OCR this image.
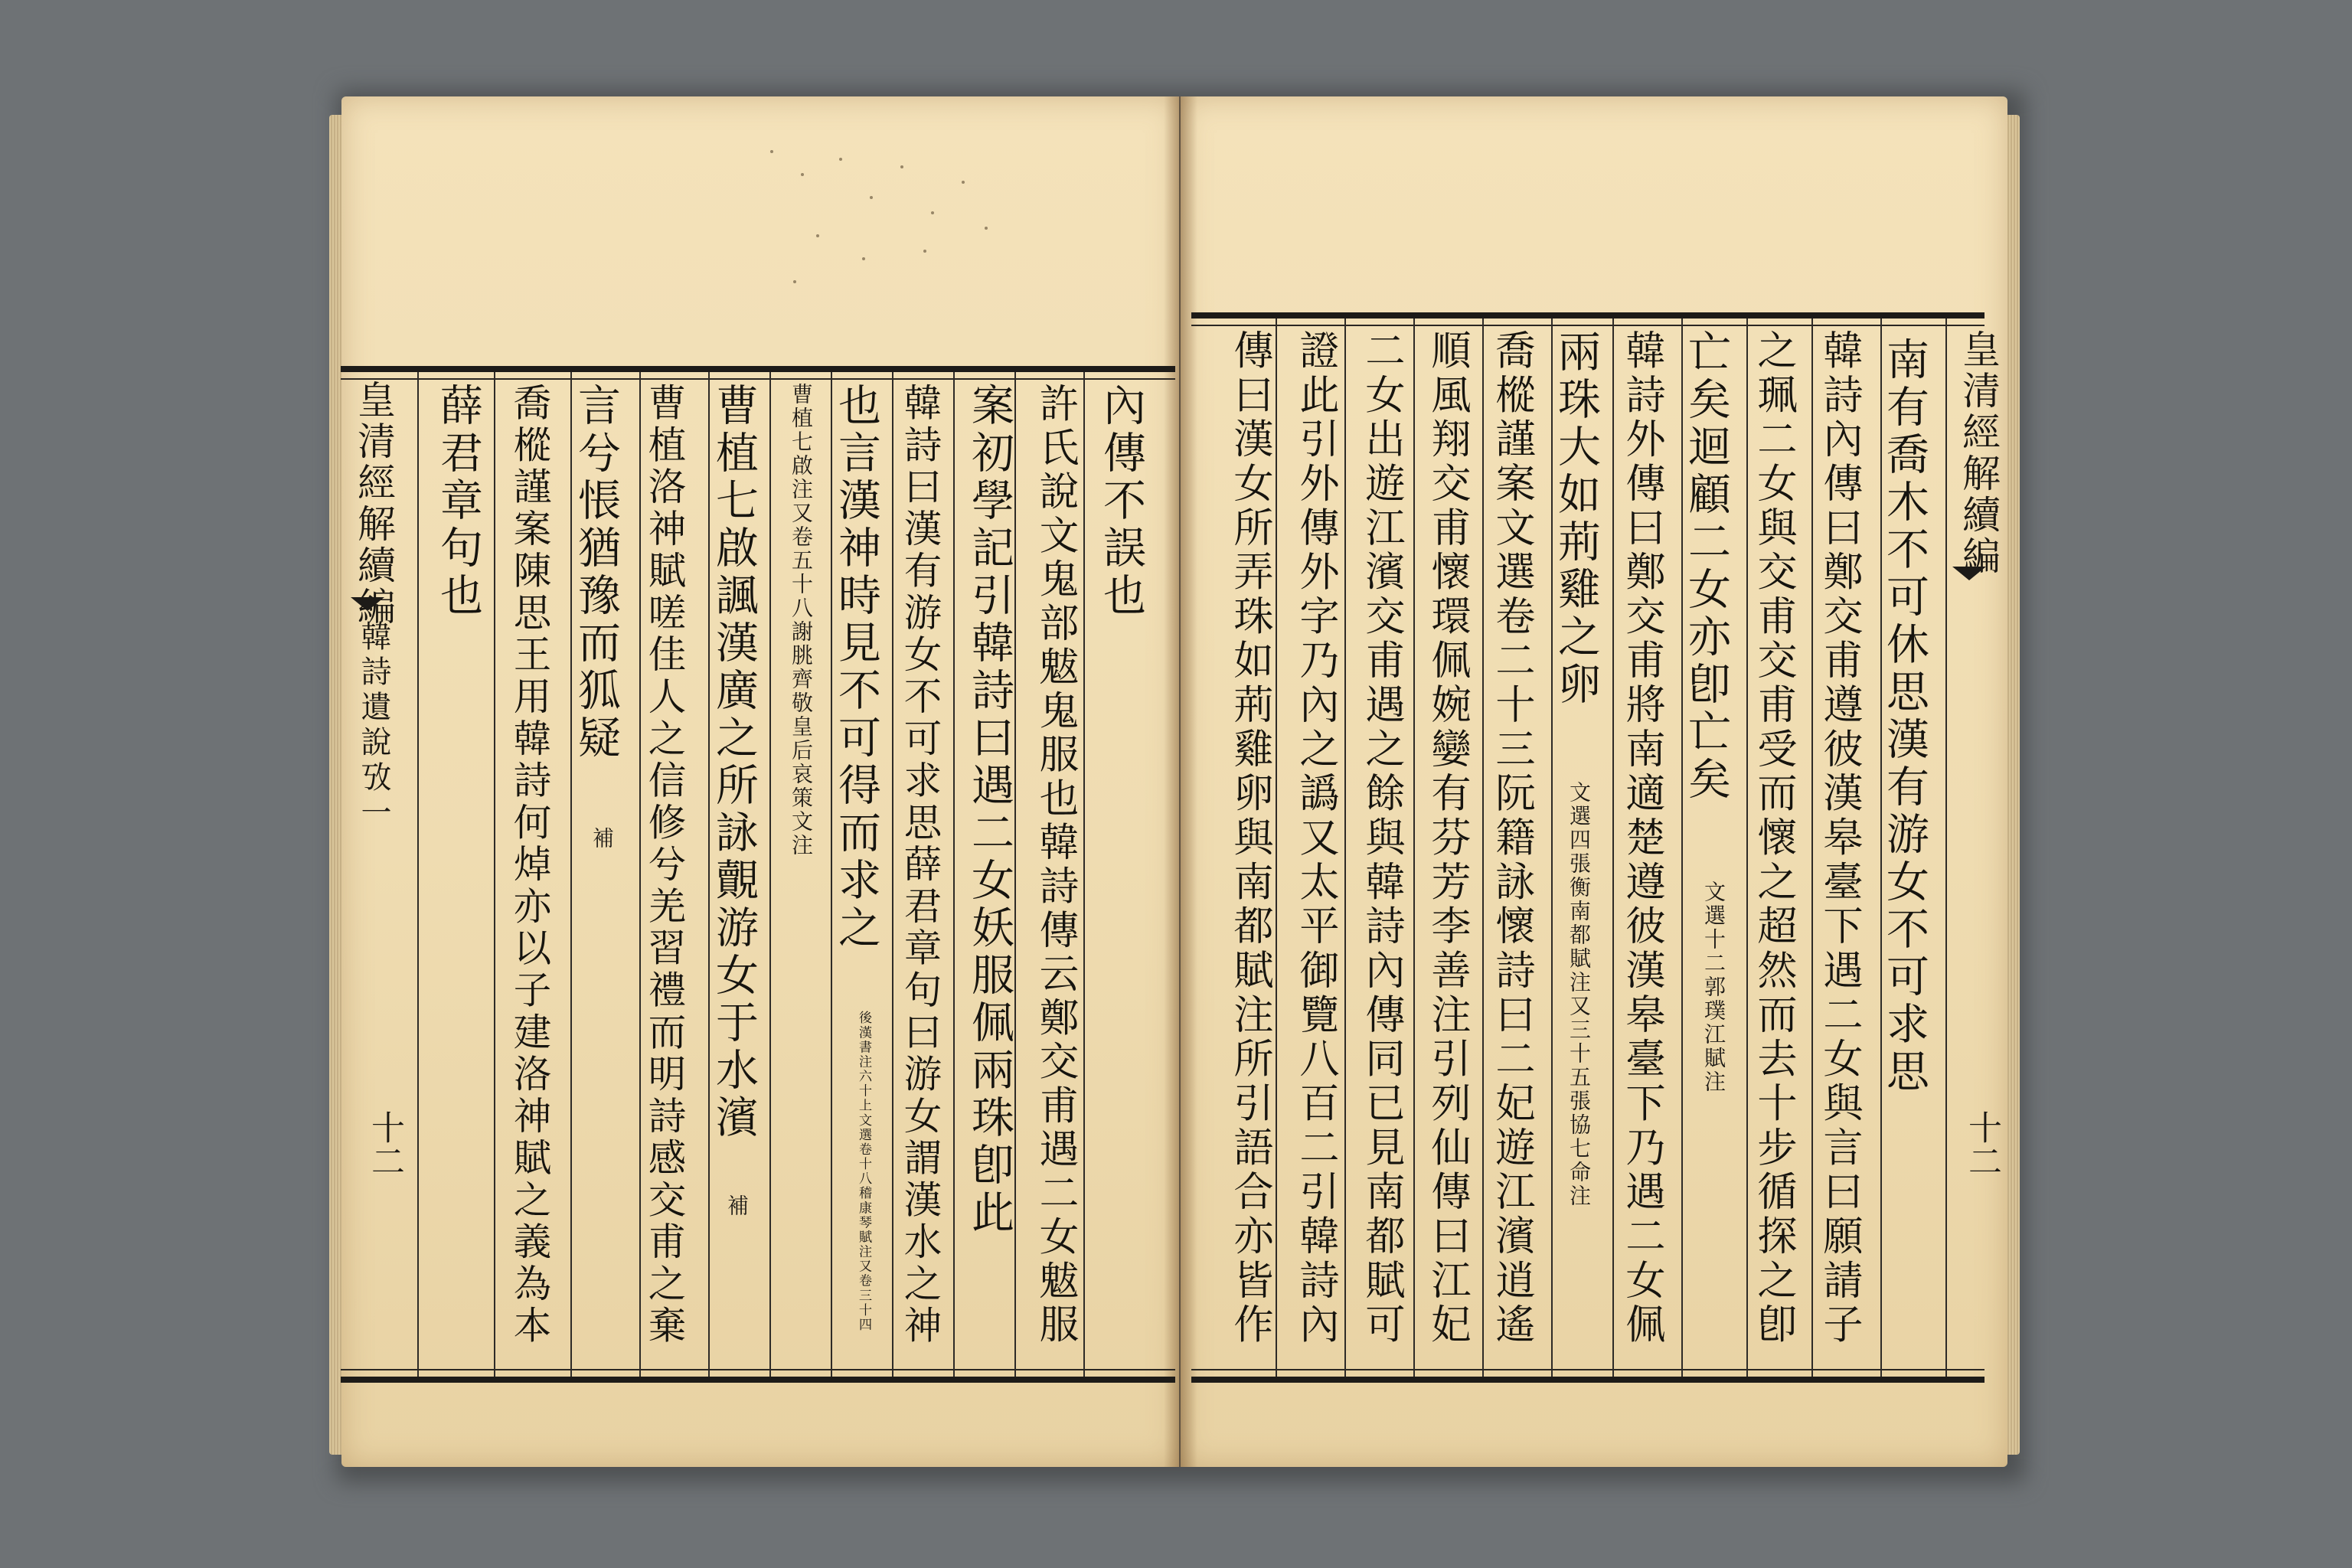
皇清經解續編
韓詩遺說攷一
十二
內傳不誤也
許氏說文鬼部魃鬼服也韓詩傳云鄭交甫遇二女魃服
案初學記引韓詩曰遇二女妖服佩兩珠卽此
韓詩曰漢有游女不可求思薛君章句曰游女謂漢水之神
也言漢神時見不可得而求之
後漢書注六十上文選卷十八稽康琴賦注又卷三十四
曹植七啟注又卷五十八謝朓齊敬皇后哀策文注
曹植七啟諷漢廣之所詠覿游女于水濱
補
曹植洛神賦嗟佳人之信修兮羌習禮而明詩感交甫之棄
言兮悵猶豫而狐疑
補
喬樅謹案陳思王用韓詩何焯亦以子建洛神賦之義為本
薛君章句也	皇清經解續編
十二
南有喬木不可休思漢有游女不可求思
韓詩內傳曰鄭交甫遵彼漢皋臺下遇二女與言曰願請子
之珮二女與交甫交甫受而懷之超然而去十步循探之卽
亡矣迴顧二女亦卽亡矣
文選十二郭璞江賦注
韓詩外傳曰鄭交甫將南適楚遵彼漢皋臺下乃遇二女佩
兩珠大如荊雞之卵
文選四張衡南都賦注又三十五張協七命注
喬樅謹案文選卷二十三阮籍詠懷詩曰二妃遊江濱逍遙
順風翔交甫懷環佩婉孌有芬芳李善注引列仙傳曰江妃
二女出遊江濱交甫遇之餘與韓詩內傳同已見南都賦可
證此引外傳外字乃內之譌又太平御覽八百二引韓詩內
傳曰漢女所弄珠如荊雞卵與南都賦注所引語合亦皆作
